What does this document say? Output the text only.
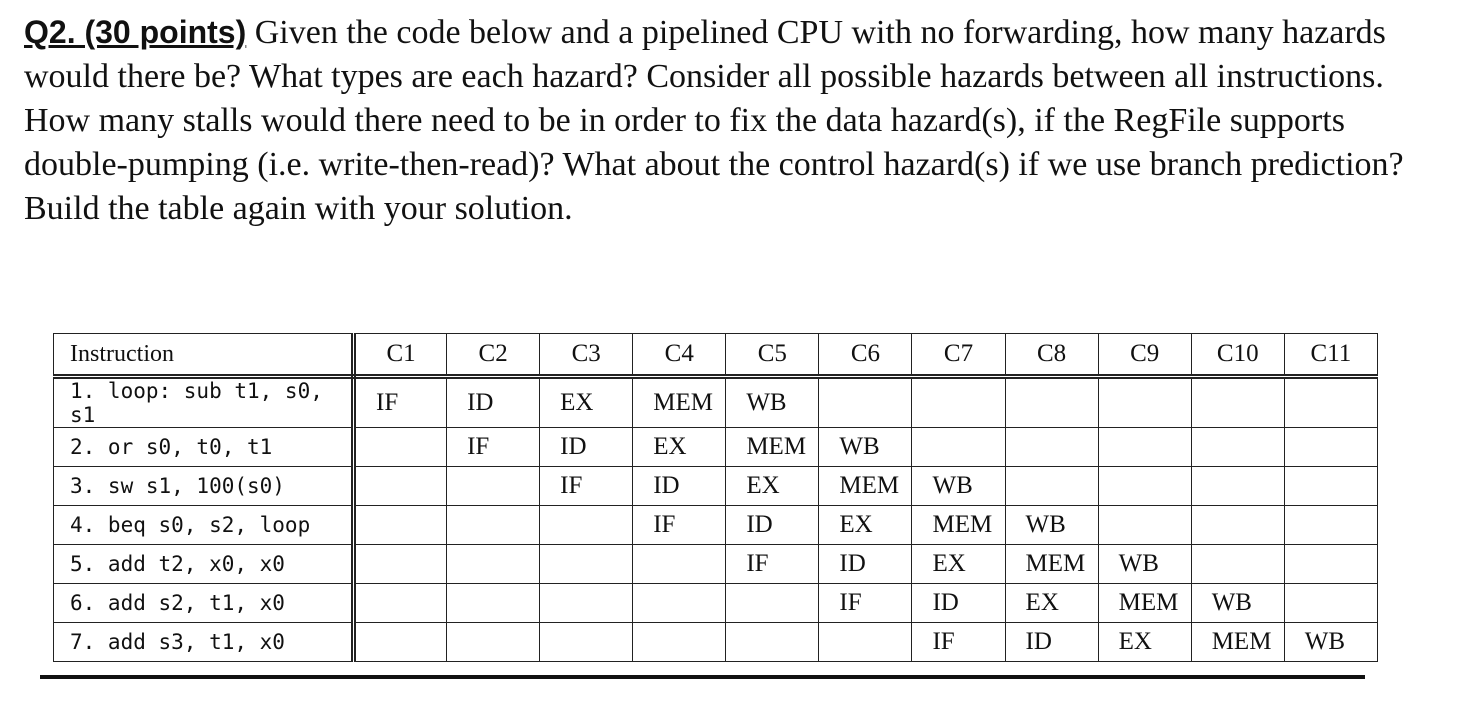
Q2. (30 points) Given the code below and a pipelined CPU with no forwarding, how many hazards would there be? What types are each hazard? Consider all possible hazards between all instructions.

How many stalls would there need to be in order to fix the data hazard(s), if the RegFile supports double-pumping (i.e. write-then-read)? What about the control hazard(s) if we use branch prediction? Build the table again with your solution.

Instruction	C1	C2	C3	C4	C5	C6	C7	C8	C9	C10	C11
1. loop: sub t1, s0, s1	IF	ID	EX	MEM	WB						
2. or s0, t0, t1		IF	ID	EX	MEM	WB					
3. sw s1, 100(s0)			IF	ID	EX	MEM	WB				
4. beq s0, s2, loop				IF	ID	EX	MEM	WB			
5. add t2, x0, x0					IF	ID	EX	MEM	WB		
6. add s2, t1, x0						IF	ID	EX	MEM	WB	
7. add s3, t1, x0							IF	ID	EX	MEM	WB
